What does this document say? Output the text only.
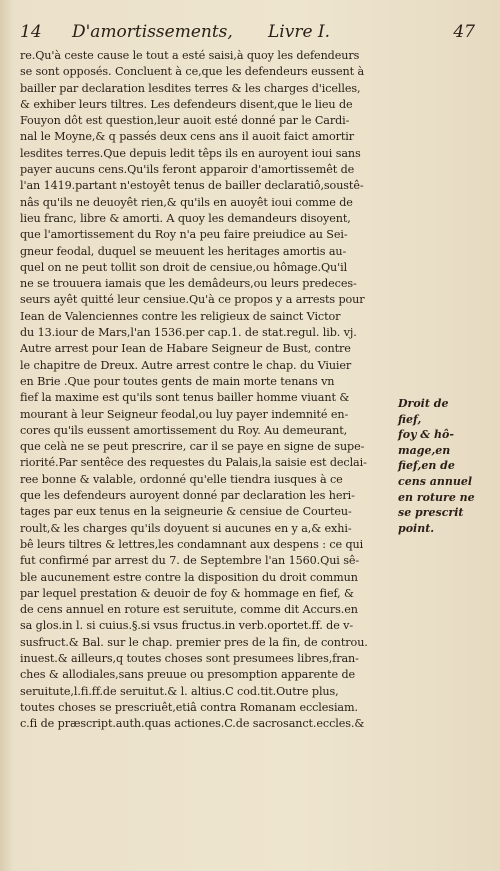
14 D'amortissements, Livre I.	47
re.Qu'à ceste cause le tout a esté saisi,à quoy les defendeurs
se sont opposés. Concluent à ce,que les defendeurs eussent à
bailler par declaration lesdites terres & les charges d'icelles,
& exhiber leurs tiltres. Les defendeurs disent,que le lieu de
Fouyon dôt est question,leur auoit esté donné par le Cardi-
nal le Moyne,& q passés deux cens ans il auoit faict amortir
lesdites terres.Que depuis ledit têps ils en auroyent ioui sans
payer aucuns cens.Qu'ils feront apparoir d'amortissemêt de
l'an 1419.partant n'estoyêt tenus de bailler declaratiô,soustê-
nâs qu'ils ne deuoyêt rien,& qu'ils en auoyêt ioui comme de
lieu franc, libre & amorti. A quoy les demandeurs disoyent,
que l'amortissement du Roy n'a peu faire preiudice au Sei-
gneur feodal, duquel se meuuent les heritages amortis au-
quel on ne peut tollit son droit de censiue,ou hômage.Qu'il
ne se trouuera iamais que les demâdeurs,ou leurs predeces-
seurs ayêt quitté leur censiue.Qu'à ce propos y a arrests pour
Iean de Valenciennes contre les religieux de sainct Victor
du 13.iour de Mars,l'an 1536.per cap.1. de stat.regul. lib. vj.
Autre arrest pour Iean de Habare Seigneur de Bust, contre
le chapitre de Dreux. Autre arrest contre le chap. du Viuier
en Brie .Que pour toutes gents de main morte tenans vn
fief la maxime est qu'ils sont tenus bailler homme viuant &
mourant à leur Seigneur feodal,ou luy payer indemnité en-
cores qu'ils eussent amortissement du Roy. Au demeurant,
que celà ne se peut prescrire, car il se paye en signe de supe-
riorité.Par sentêce des requestes du Palais,la saisie est declai-
ree bonne & valable, ordonné qu'elle tiendra iusques à ce
que les defendeurs auroyent donné par declaration les heri-
tages par eux tenus en la seigneurie & censiue de Courteu-
roult,& les charges qu'ils doyuent si aucunes en y a,& exhi-
bê leurs tiltres & lettres,les condamnant aux despens : ce qui
fut confirmé par arrest du 7. de Septembre l'an 1560.Qui sê-
ble aucunement estre contre la disposition du droit commun
par lequel prestation & deuoir de foy & hommage en fief, &
de cens annuel en roture est seruitute, comme dit Accurs.en
sa glos.in l. si cuius.§.si vsus fructus.in verb.oportet.ff. de v-
susfruct.& Bal. sur le chap. premier pres de la fin, de controu.
inuest.& ailleurs,q toutes choses sont presumees libres,fran-
ches & allodiales,sans preuue ou presomption apparente de
seruitute,l.fi.ff.de seruitut.& l. altius.C cod.tit.Outre plus,
toutes choses se prescriuêt,etiâ contra Romanam ecclesiam.
c.fi de præscript.auth.quas actiones.C.de sacrosanct.eccles.&
Droit de
fief,
foy & hô-
mage,en
fief,en de
cens annuel
en roture ne
se prescrit
point.
